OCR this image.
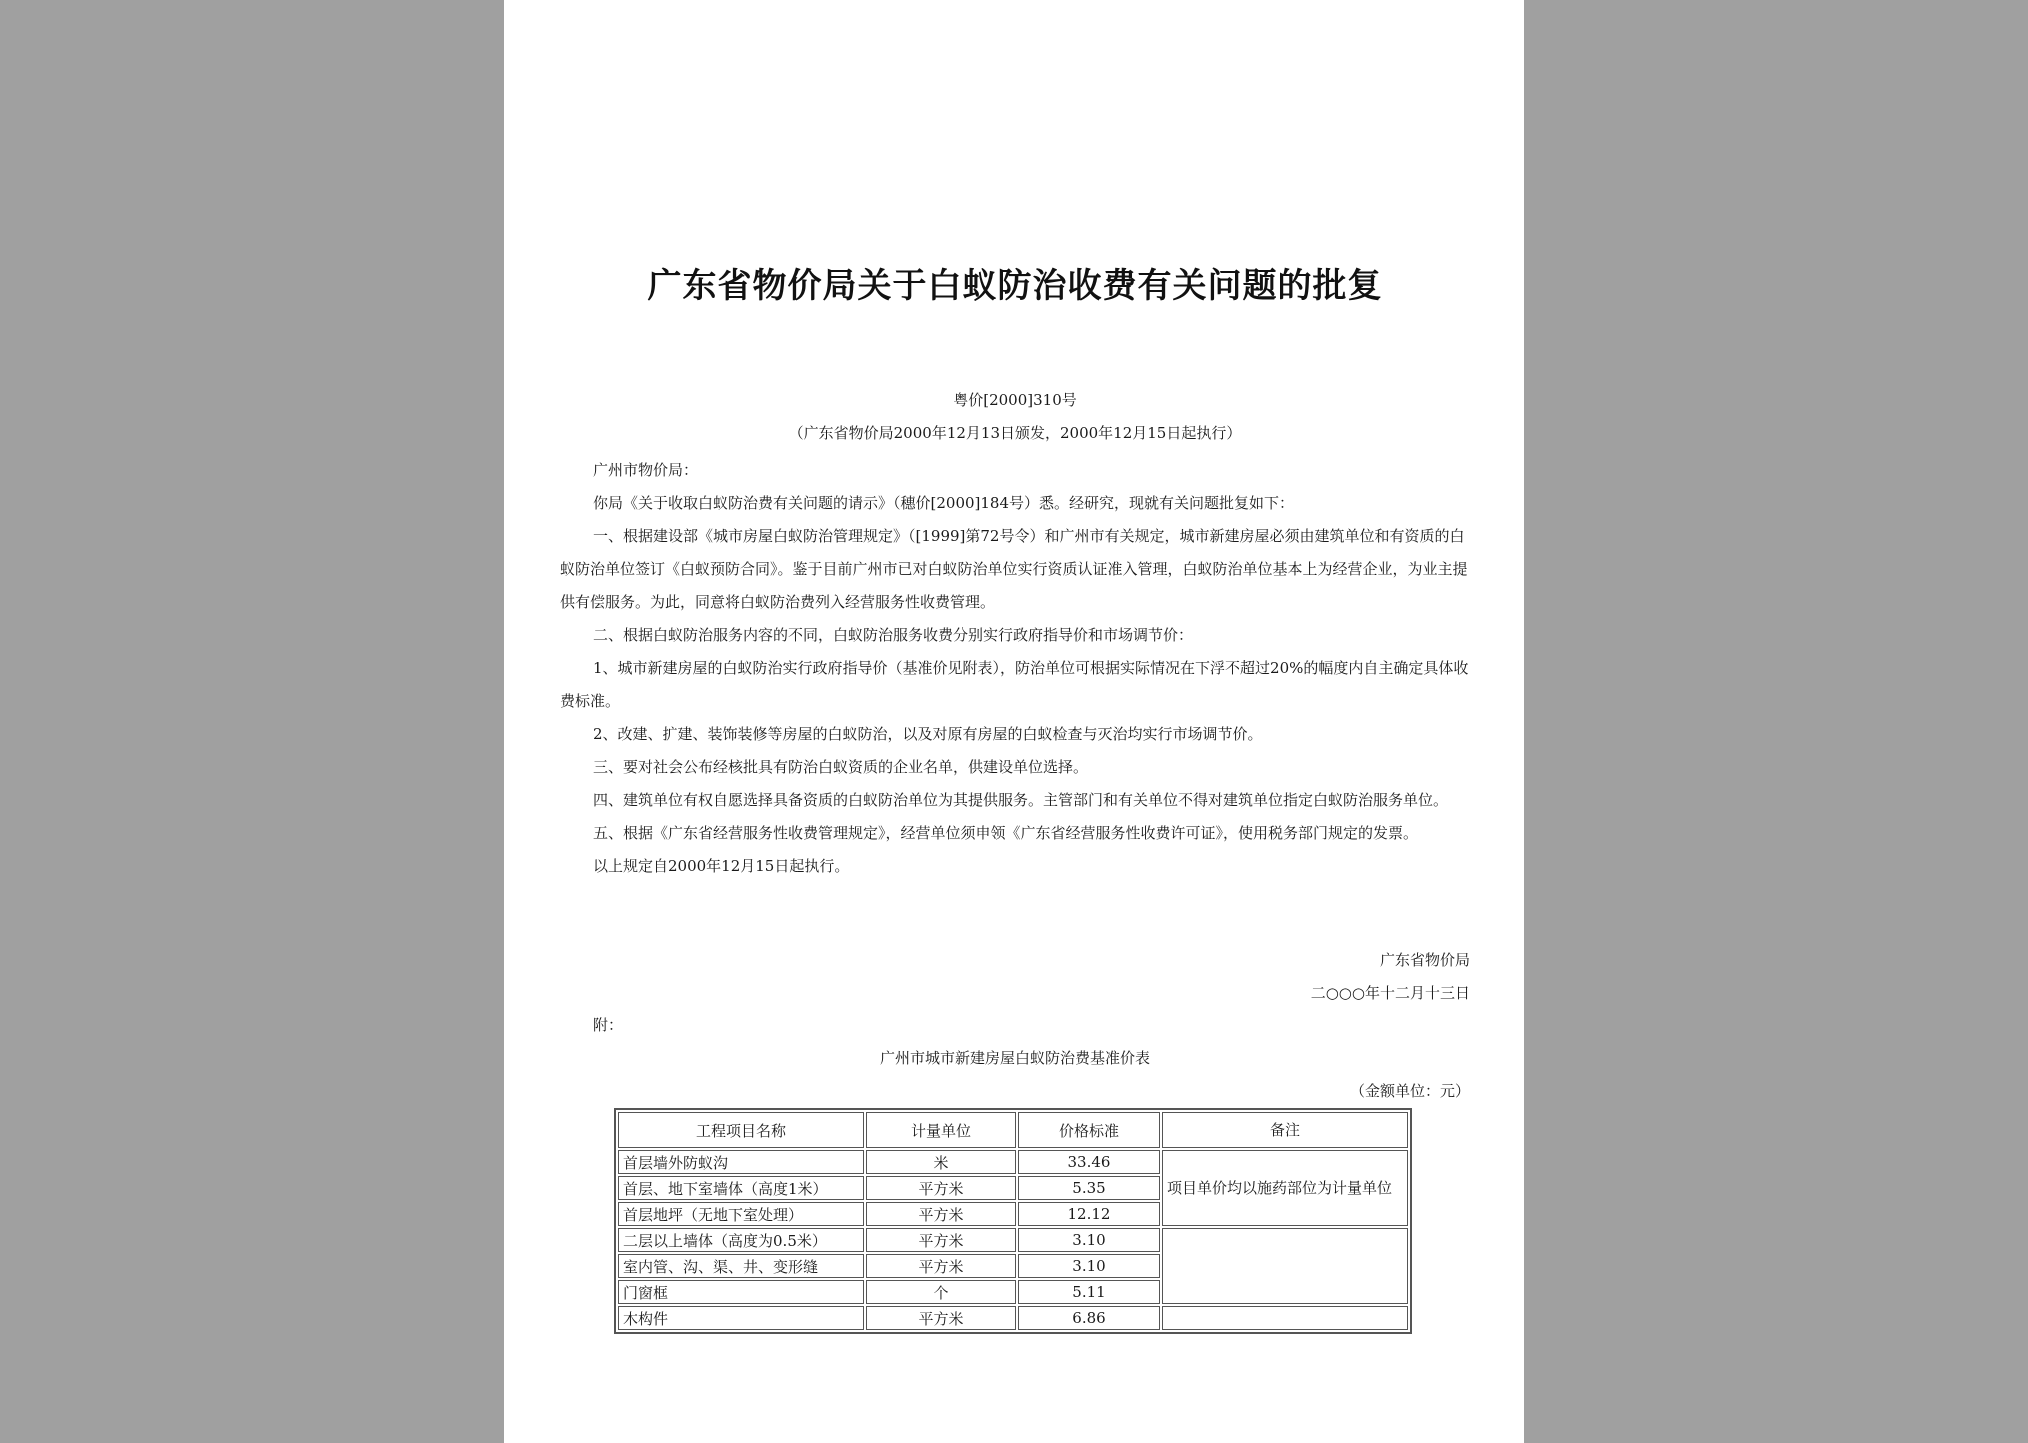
广东省物价局关于白蚁防治收费有关问题的批复
粤价[2000]310号
（广东省物价局2000年12月13日颁发，2000年12月15日起执行）

广州市物价局：

你局《关于收取白蚁防治费有关问题的请示》（穗价[2000]184号）悉。经研究，现就有关问题批复如下：

一、根据建设部《城市房屋白蚁防治管理规定》（[1999]第72号令）和广州市有关规定，城市新建房屋必须由建筑单位和有资质的白蚁防治单位签订《白蚁预防合同》。鉴于目前广州市已对白蚁防治单位实行资质认证准入管理，白蚁防治单位基本上为经营企业，为业主提供有偿服务。为此，同意将白蚁防治费列入经营服务性收费管理。

二、根据白蚁防治服务内容的不同，白蚁防治服务收费分别实行政府指导价和市场调节价：

1、城市新建房屋的白蚁防治实行政府指导价（基准价见附表），防治单位可根据实际情况在下浮不超过20%的幅度内自主确定具体收费标准。

2、改建、扩建、装饰装修等房屋的白蚁防治，以及对原有房屋的白蚁检查与灭治均实行市场调节价。

三、要对社会公布经核批具有防治白蚁资质的企业名单，供建设单位选择。

四、建筑单位有权自愿选择具备资质的白蚁防治单位为其提供服务。主管部门和有关单位不得对建筑单位指定白蚁防治服务单位。

五、根据《广东省经营服务性收费管理规定》，经营单位须申领《广东省经营服务性收费许可证》，使用税务部门规定的发票。

以上规定自2000年12月15日起执行。

广东省物价局
二○○○年十二月十三日
附：
广州市城市新建房屋白蚁防治费基准价表
（金额单位：元）
工程项目名称	计量单位	价格标准	备注
首层墙外防蚁沟	米	33.46	项目单价均以施药部位为计量单位
首层、地下室墙体（高度1米）	平方米	5.35	
首层地坪（无地下室处理）	平方米	12.12	
二层以上墙体（高度为0.5米）	平方米	3.10	
室内管、沟、渠、井、变形缝	平方米	3.10	
门窗框	个	5.11	
木构件	平方米	6.86	
